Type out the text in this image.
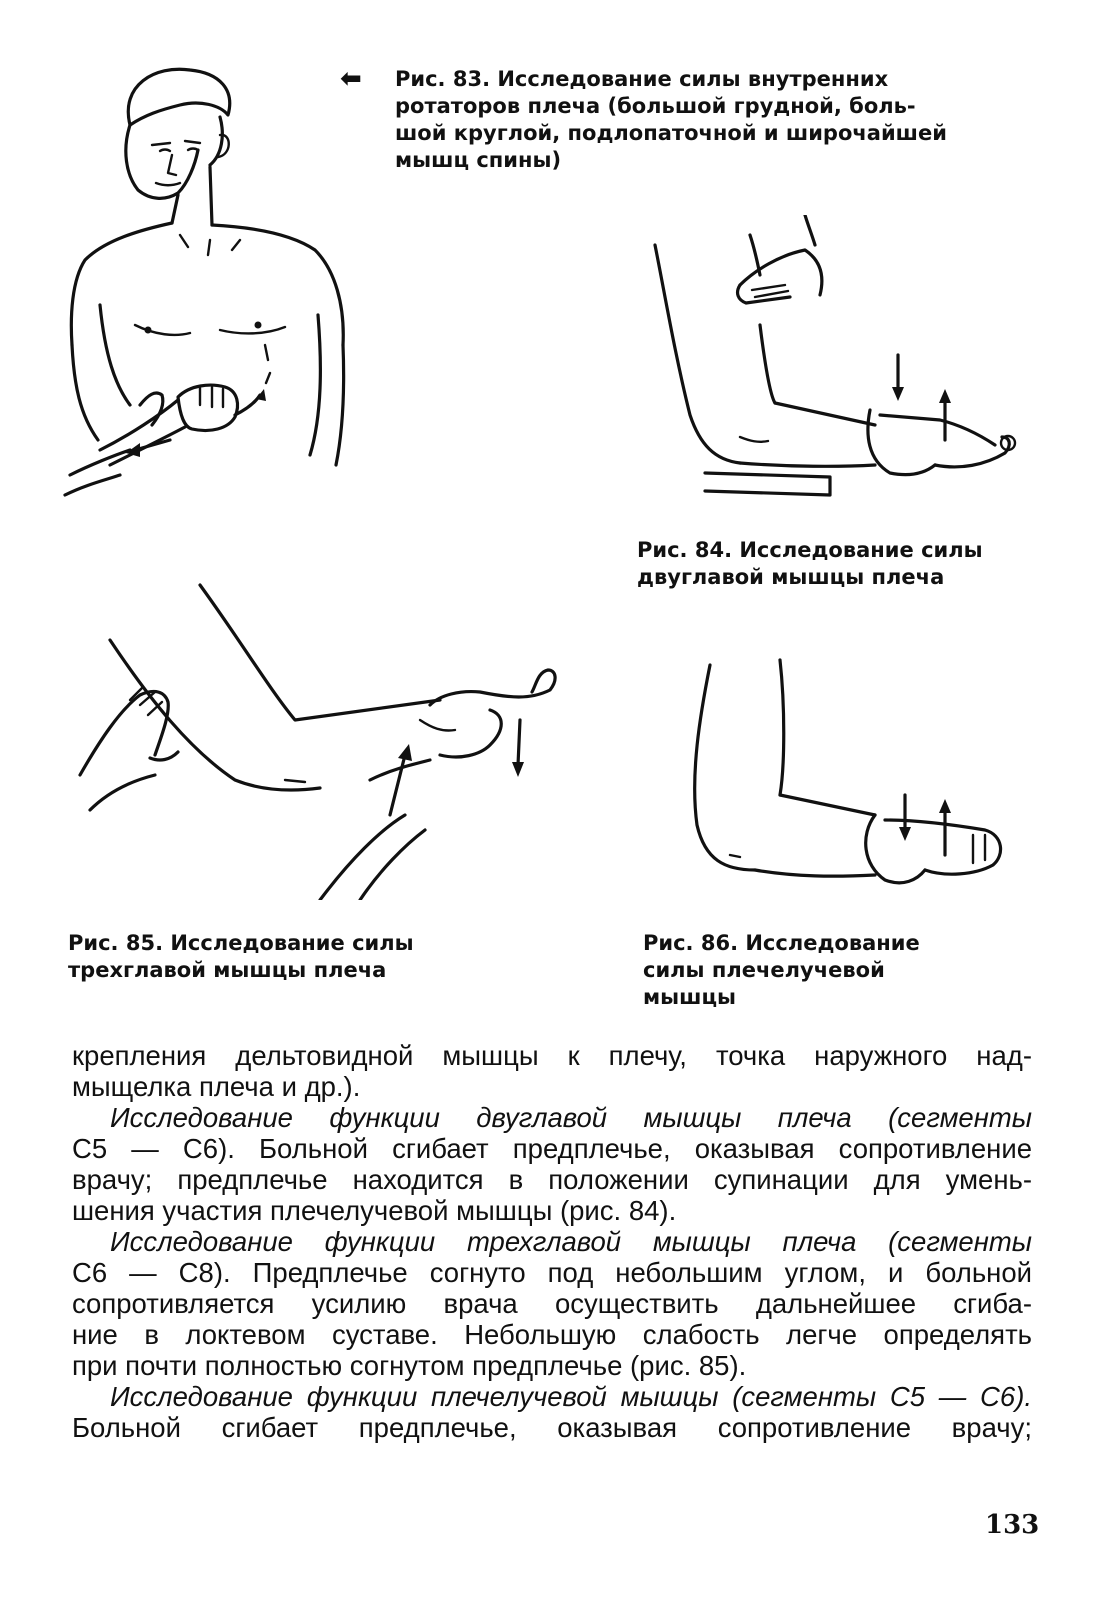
⬅ Рис. 83. Исследование силы внутренних
ротаторов плеча (большой грудной, боль-
шой круглой, подлопаточной и широчайшей
мышц спины)
Рис. 84. Исследование силы
двуглавой мышцы плеча
Рис. 85. Исследование силы
трехглавой мышцы плеча
Рис. 86. Исследование
силы плечелучевой
мышцы

крепления дельтовидной мышцы к плечу, точка наружного над-
мыщелка плеча и др.).

Исследование функции двуглавой мышцы плеча (сегменты
C5 — C6). Больной сгибает предплечье, оказывая сопротивление
врачу; предплечье находится в положении супинации для умень-
шения участия плечелучевой мышцы (рис. 84).

Исследование функции трехглавой мышцы плеча (сегменты
C6 — C8). Предплечье согнуто под небольшим углом, и больной
сопротивляется усилию врача осуществить дальнейшее сгиба-
ние в локтевом суставе. Небольшую слабость легче определять
при почти полностью согнутом предплечье (рис. 85).

Исследование функции плечелучевой мышцы (сегменты C5 — C6).
Больной сгибает предплечье, оказывая сопротивление врачу;

133
